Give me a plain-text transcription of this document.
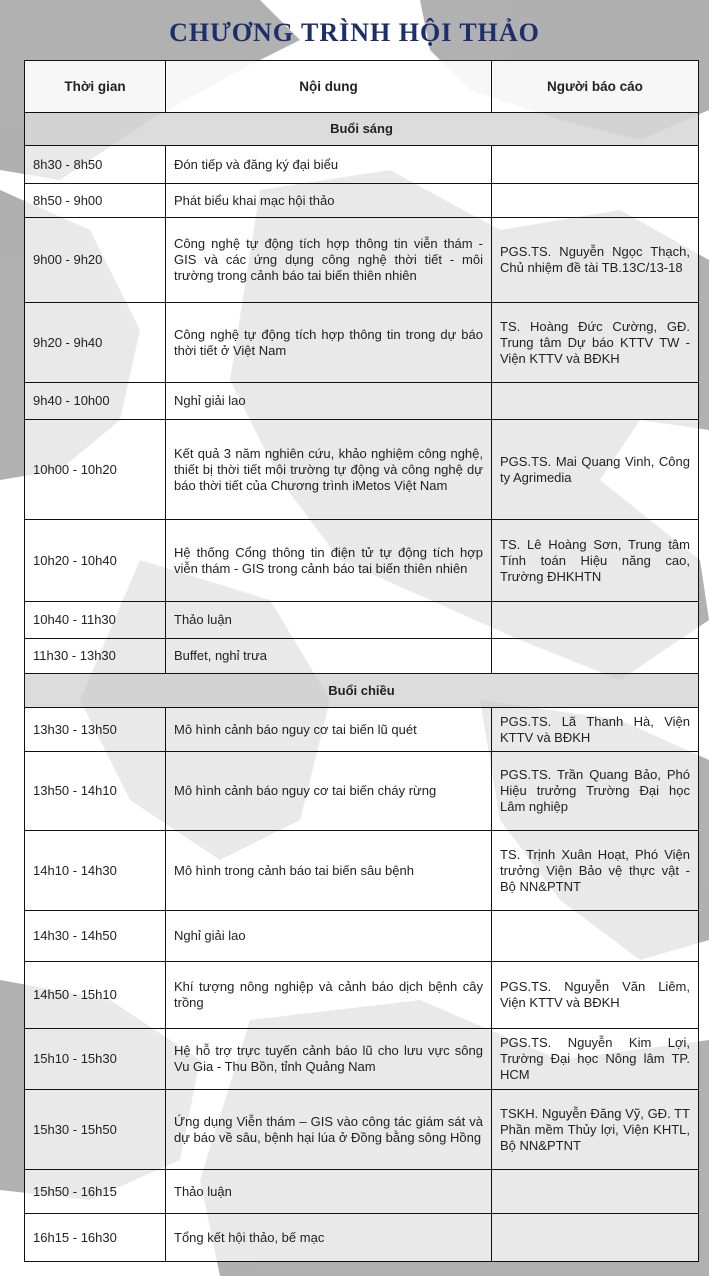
CHƯƠNG TRÌNH HỘI THẢO
Thời gian	Nội dung	Người báo cáo
Buổi sáng		
8h30 - 8h50	Đón tiếp và đăng ký đại biểu	
8h50 - 9h00	Phát biểu khai mạc hội thảo	
9h00 - 9h20	Công nghệ tự động tích hợp thông tin viễn thám - GIS và các ứng dụng công nghệ thời tiết - môi trường trong cảnh báo tai biến thiên nhiên	PGS.TS. Nguyễn Ngọc Thạch, Chủ nhiệm đề tài TB.13C/13-18
9h20 - 9h40	Công nghệ tự động tích hợp thông tin trong dự báo thời tiết ở Việt Nam	TS. Hoàng Đức Cường, GĐ. Trung tâm Dự báo KTTV TW - Viện KTTV và BĐKH
9h40 - 10h00	Nghỉ giải lao	
10h00 - 10h20	Kết quả 3 năm nghiên cứu, khảo nghiệm công nghệ, thiết bị thời tiết môi trường tự động và công nghệ dự báo thời tiết của Chương trình iMetos Việt Nam	PGS.TS. Mai Quang Vinh, Công ty Agrimedia
10h20 - 10h40	Hệ thống Cổng thông tin điện tử tự động tích hợp viễn thám - GIS trong cảnh báo tai biến thiên nhiên	TS. Lê Hoàng Sơn, Trung tâm Tính toán Hiệu năng cao, Trường ĐHKHTN
10h40 - 11h30	Thảo luận	
11h30 - 13h30	Buffet, nghỉ trưa	
Buổi chiều		
13h30 - 13h50	Mô hình cảnh báo nguy cơ tai biến lũ quét	PGS.TS. Lã Thanh Hà, Viện KTTV và BĐKH
13h50 - 14h10	Mô hình cảnh báo nguy cơ tai biến cháy rừng	PGS.TS. Trần Quang Bảo, Phó Hiệu trưởng Trường Đại học Lâm nghiệp
14h10 - 14h30	Mô hình trong cảnh báo tai biến sâu bệnh	TS. Trịnh Xuân Hoạt, Phó Viện trưởng Viện Bảo vệ thực vật - Bộ NN&PTNT
14h30 - 14h50	Nghỉ giải lao	
14h50 - 15h10	Khí tượng nông nghiệp và cảnh báo dịch bệnh cây trồng	PGS.TS. Nguyễn Văn Liêm, Viện KTTV và BĐKH
15h10 - 15h30	Hệ hỗ trợ trực tuyến cảnh báo lũ cho lưu vực sông Vu Gia - Thu Bồn, tỉnh Quảng Nam	PGS.TS. Nguyễn Kim Lợi, Trường Đại học Nông lâm TP. HCM
15h30 - 15h50	Ứng dụng Viễn thám – GIS vào công tác giám sát và dự báo về sâu, bệnh hại lúa ở Đồng bằng sông Hồng	TSKH. Nguyễn Đăng Vỹ, GĐ. TT Phần mềm Thủy lợi, Viện KHTL, Bộ NN&PTNT
15h50 - 16h15	Thảo luận	
16h15 - 16h30	Tổng kết hội thảo, bế mạc	
